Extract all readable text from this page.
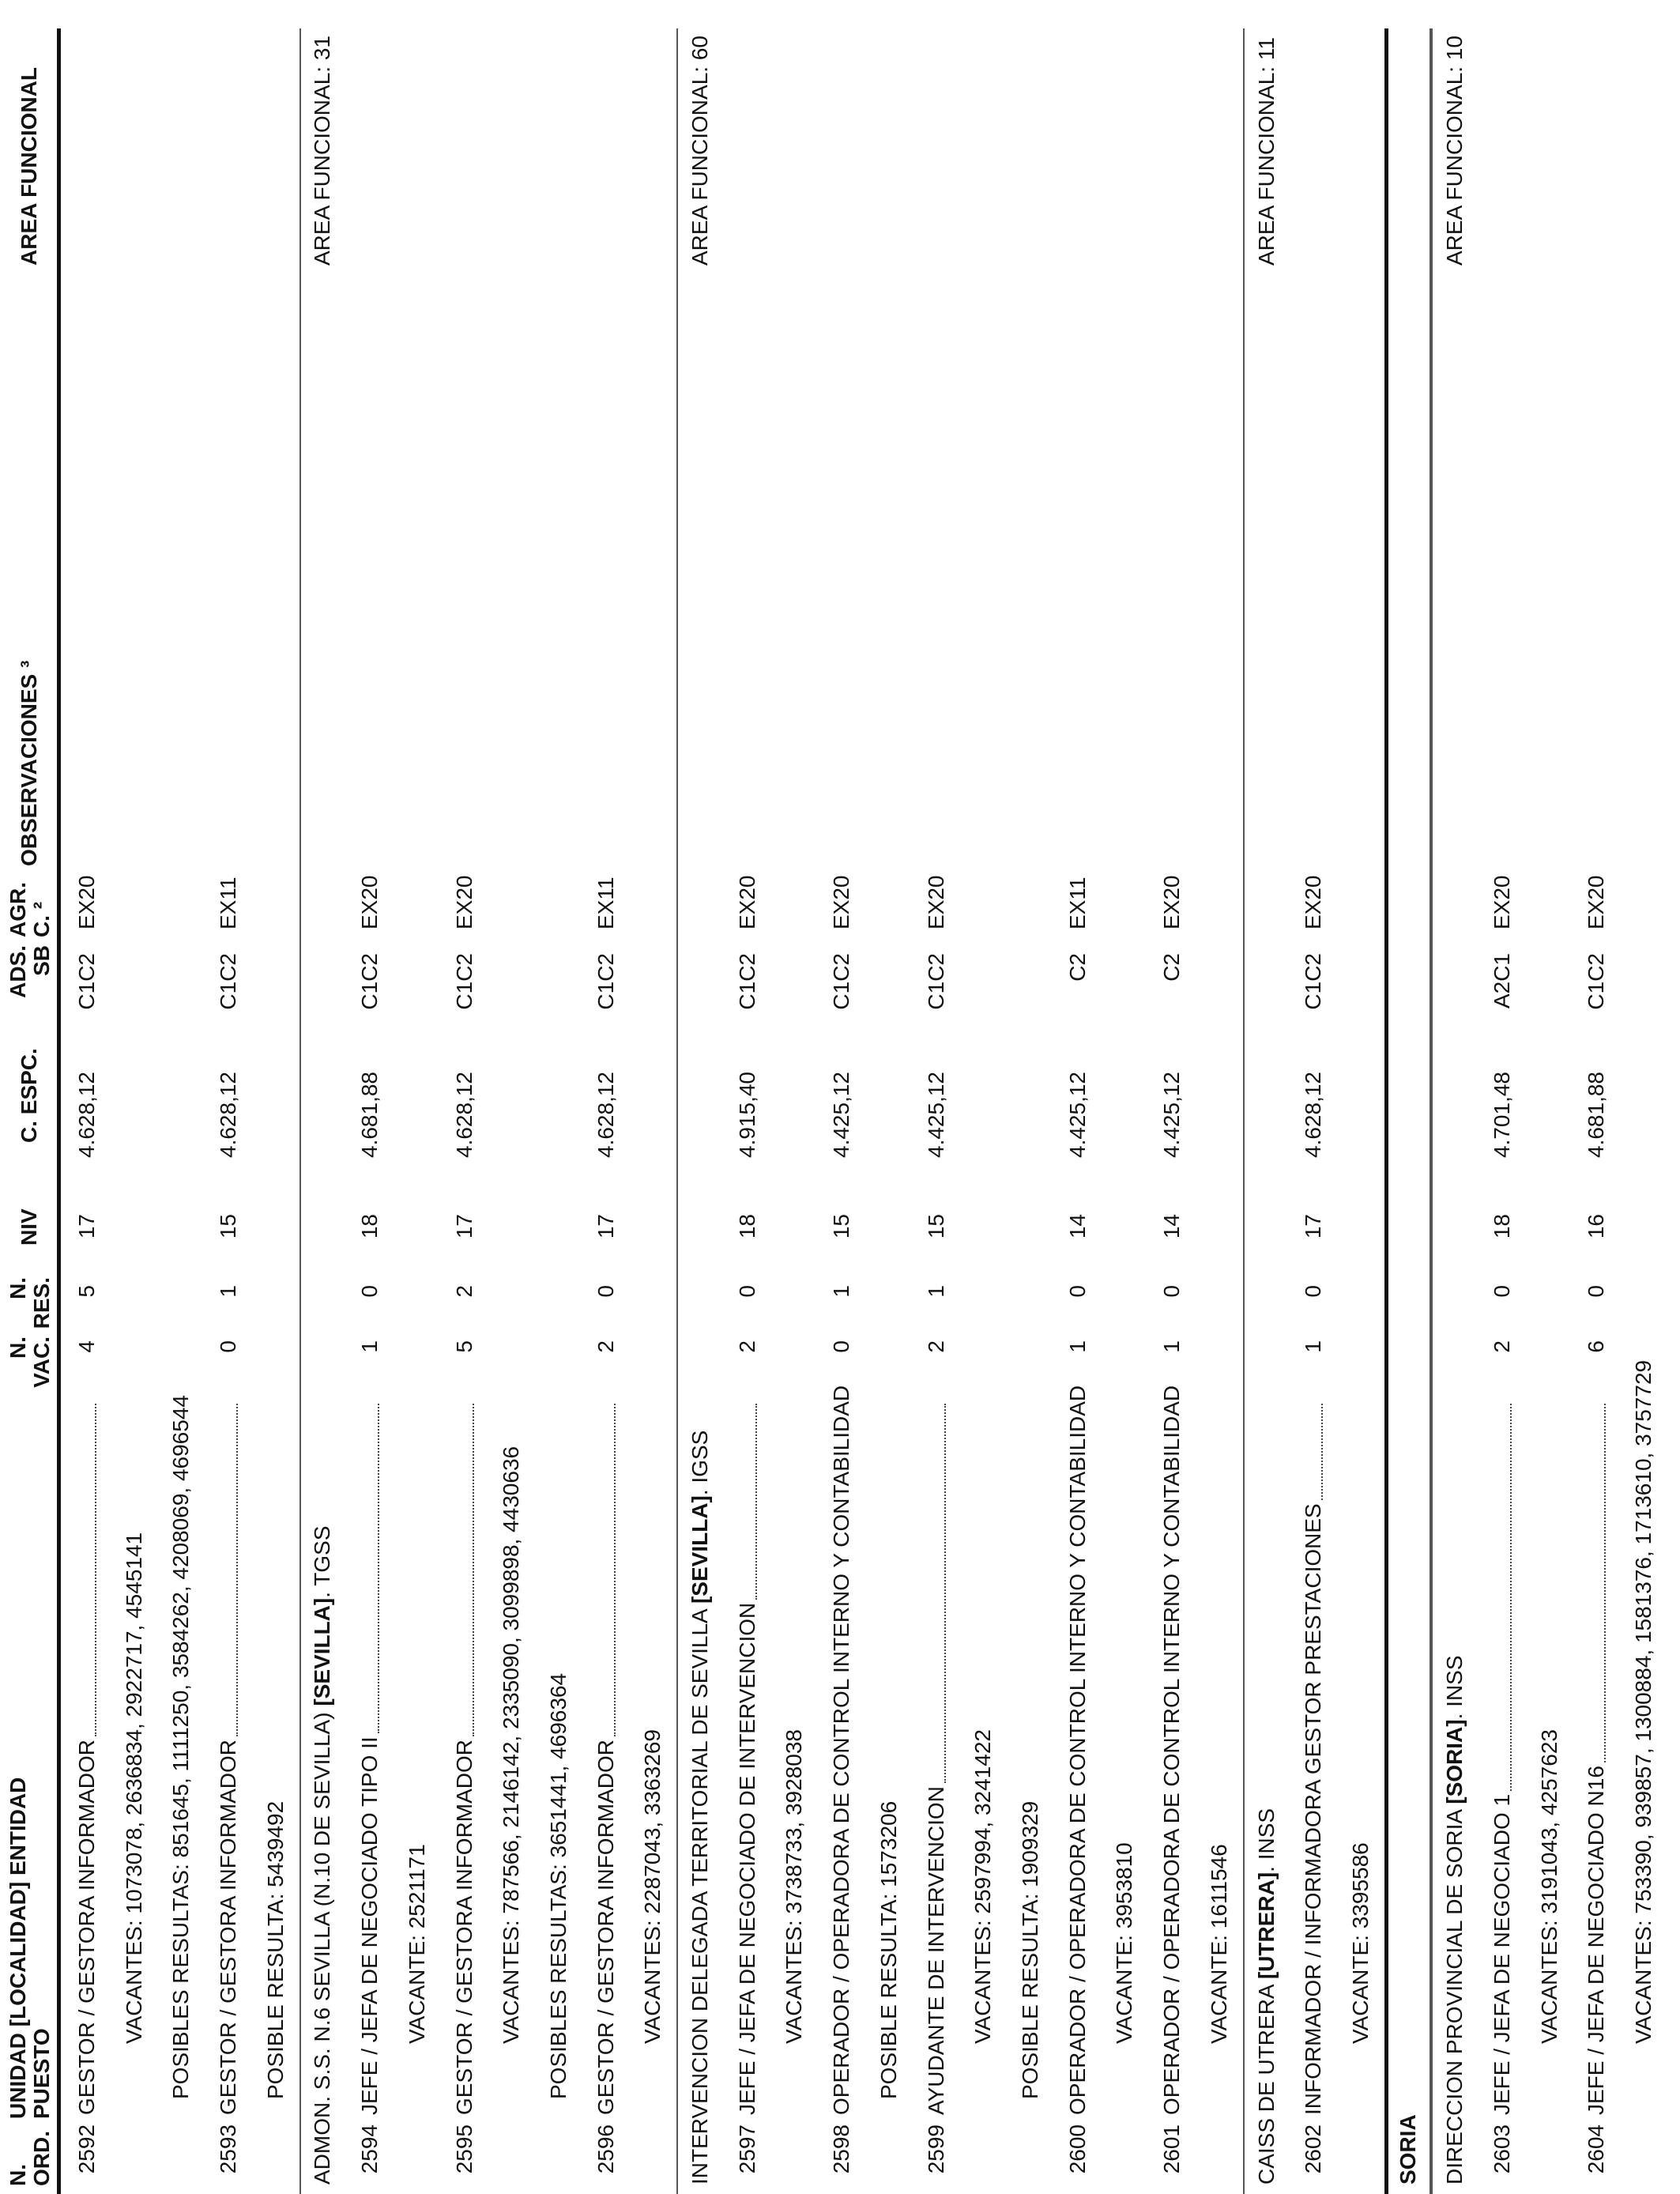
N. ORD.
UNIDAD [LOCALIDAD] ENTIDAD PUESTO
N. VAC.
N. RES.
NIV
C. ESPC.
ADS. SB
AGR. C. ²
OBSERVACIONES ³
AREA FUNCIONAL
2592
GESTOR / GESTORA INFORMADOR
4
5
17
4.628,12
C1C2
EX20
VACANTES: 1073078, 2636834, 2922717, 4545141 POSIBLES RESULTAS: 851645, 1111250, 3584262, 4208069, 4696544
2593
GESTOR / GESTORA INFORMADOR
0
1
15
4.628,12
C1C2
EX11
POSIBLE RESULTA: 5439492 ADMON. S.S. N.6 SEVILLA (N.10 DE SEVILLA) [SEVILLA]. TGSS
AREA FUNCIONAL: 31
2594
JEFE / JEFA DE NEGOCIADO TIPO II
1
0
18
4.681,88
C1C2
EX20
VACANTE: 2521171
2595
GESTOR / GESTORA INFORMADOR
5
2
17
4.628,12
C1C2
EX20
VACANTES: 787566, 2146142, 2335090, 3099898, 4430636 POSIBLES RESULTAS: 3651441, 4696364
2596
GESTOR / GESTORA INFORMADOR
2
0
17
4.628,12
C1C2
EX11
VACANTES: 2287043, 3363269 INTERVENCION DELEGADA TERRITORIAL DE SEVILLA [SEVILLA]. IGSS
AREA FUNCIONAL: 60
2597
JEFE / JEFA DE NEGOCIADO DE INTERVENCION
2
0
18
4.915,40
C1C2
EX20
VACANTES: 3738733, 3928038
2598
OPERADOR / OPERADORA DE CONTROL INTERNO Y CONTABILIDAD
0
1
15
4.425,12
C1C2
EX20
POSIBLE RESULTA: 1573206
2599
AYUDANTE DE INTERVENCION
2
1
15
4.425,12
C1C2
EX20
VACANTES: 2597994, 3241422 POSIBLE RESULTA: 1909329
2600
OPERADOR / OPERADORA DE CONTROL INTERNO Y CONTABILIDAD
1
0
14
4.425,12
C2
EX11
VACANTE: 3953810
2601
OPERADOR / OPERADORA DE CONTROL INTERNO Y CONTABILIDAD
1
0
14
4.425,12
C2
EX20
VACANTE: 1611546
CAISS DE UTRERA [UTRERA]. INSS
AREA FUNCIONAL: 11
2602
INFORMADOR / INFORMADORA GESTOR PRESTACIONES
1
0
17
4.628,12
C1C2
EX20
VACANTE: 3395586
SORIA DIRECCION PROVINCIAL DE SORIA [SORIA]. INSS
AREA FUNCIONAL: 10
2603
JEFE / JEFA DE NEGOCIADO 1
2
0
18
4.701,48
A2C1
EX20
VACANTES: 3191043, 4257623
2604
JEFE / JEFA DE NEGOCIADO N16
6
0
16
4.681,88
C1C2
EX20
VACANTES: 753390, 939857, 1300884, 1581376, 1713610, 3757729
